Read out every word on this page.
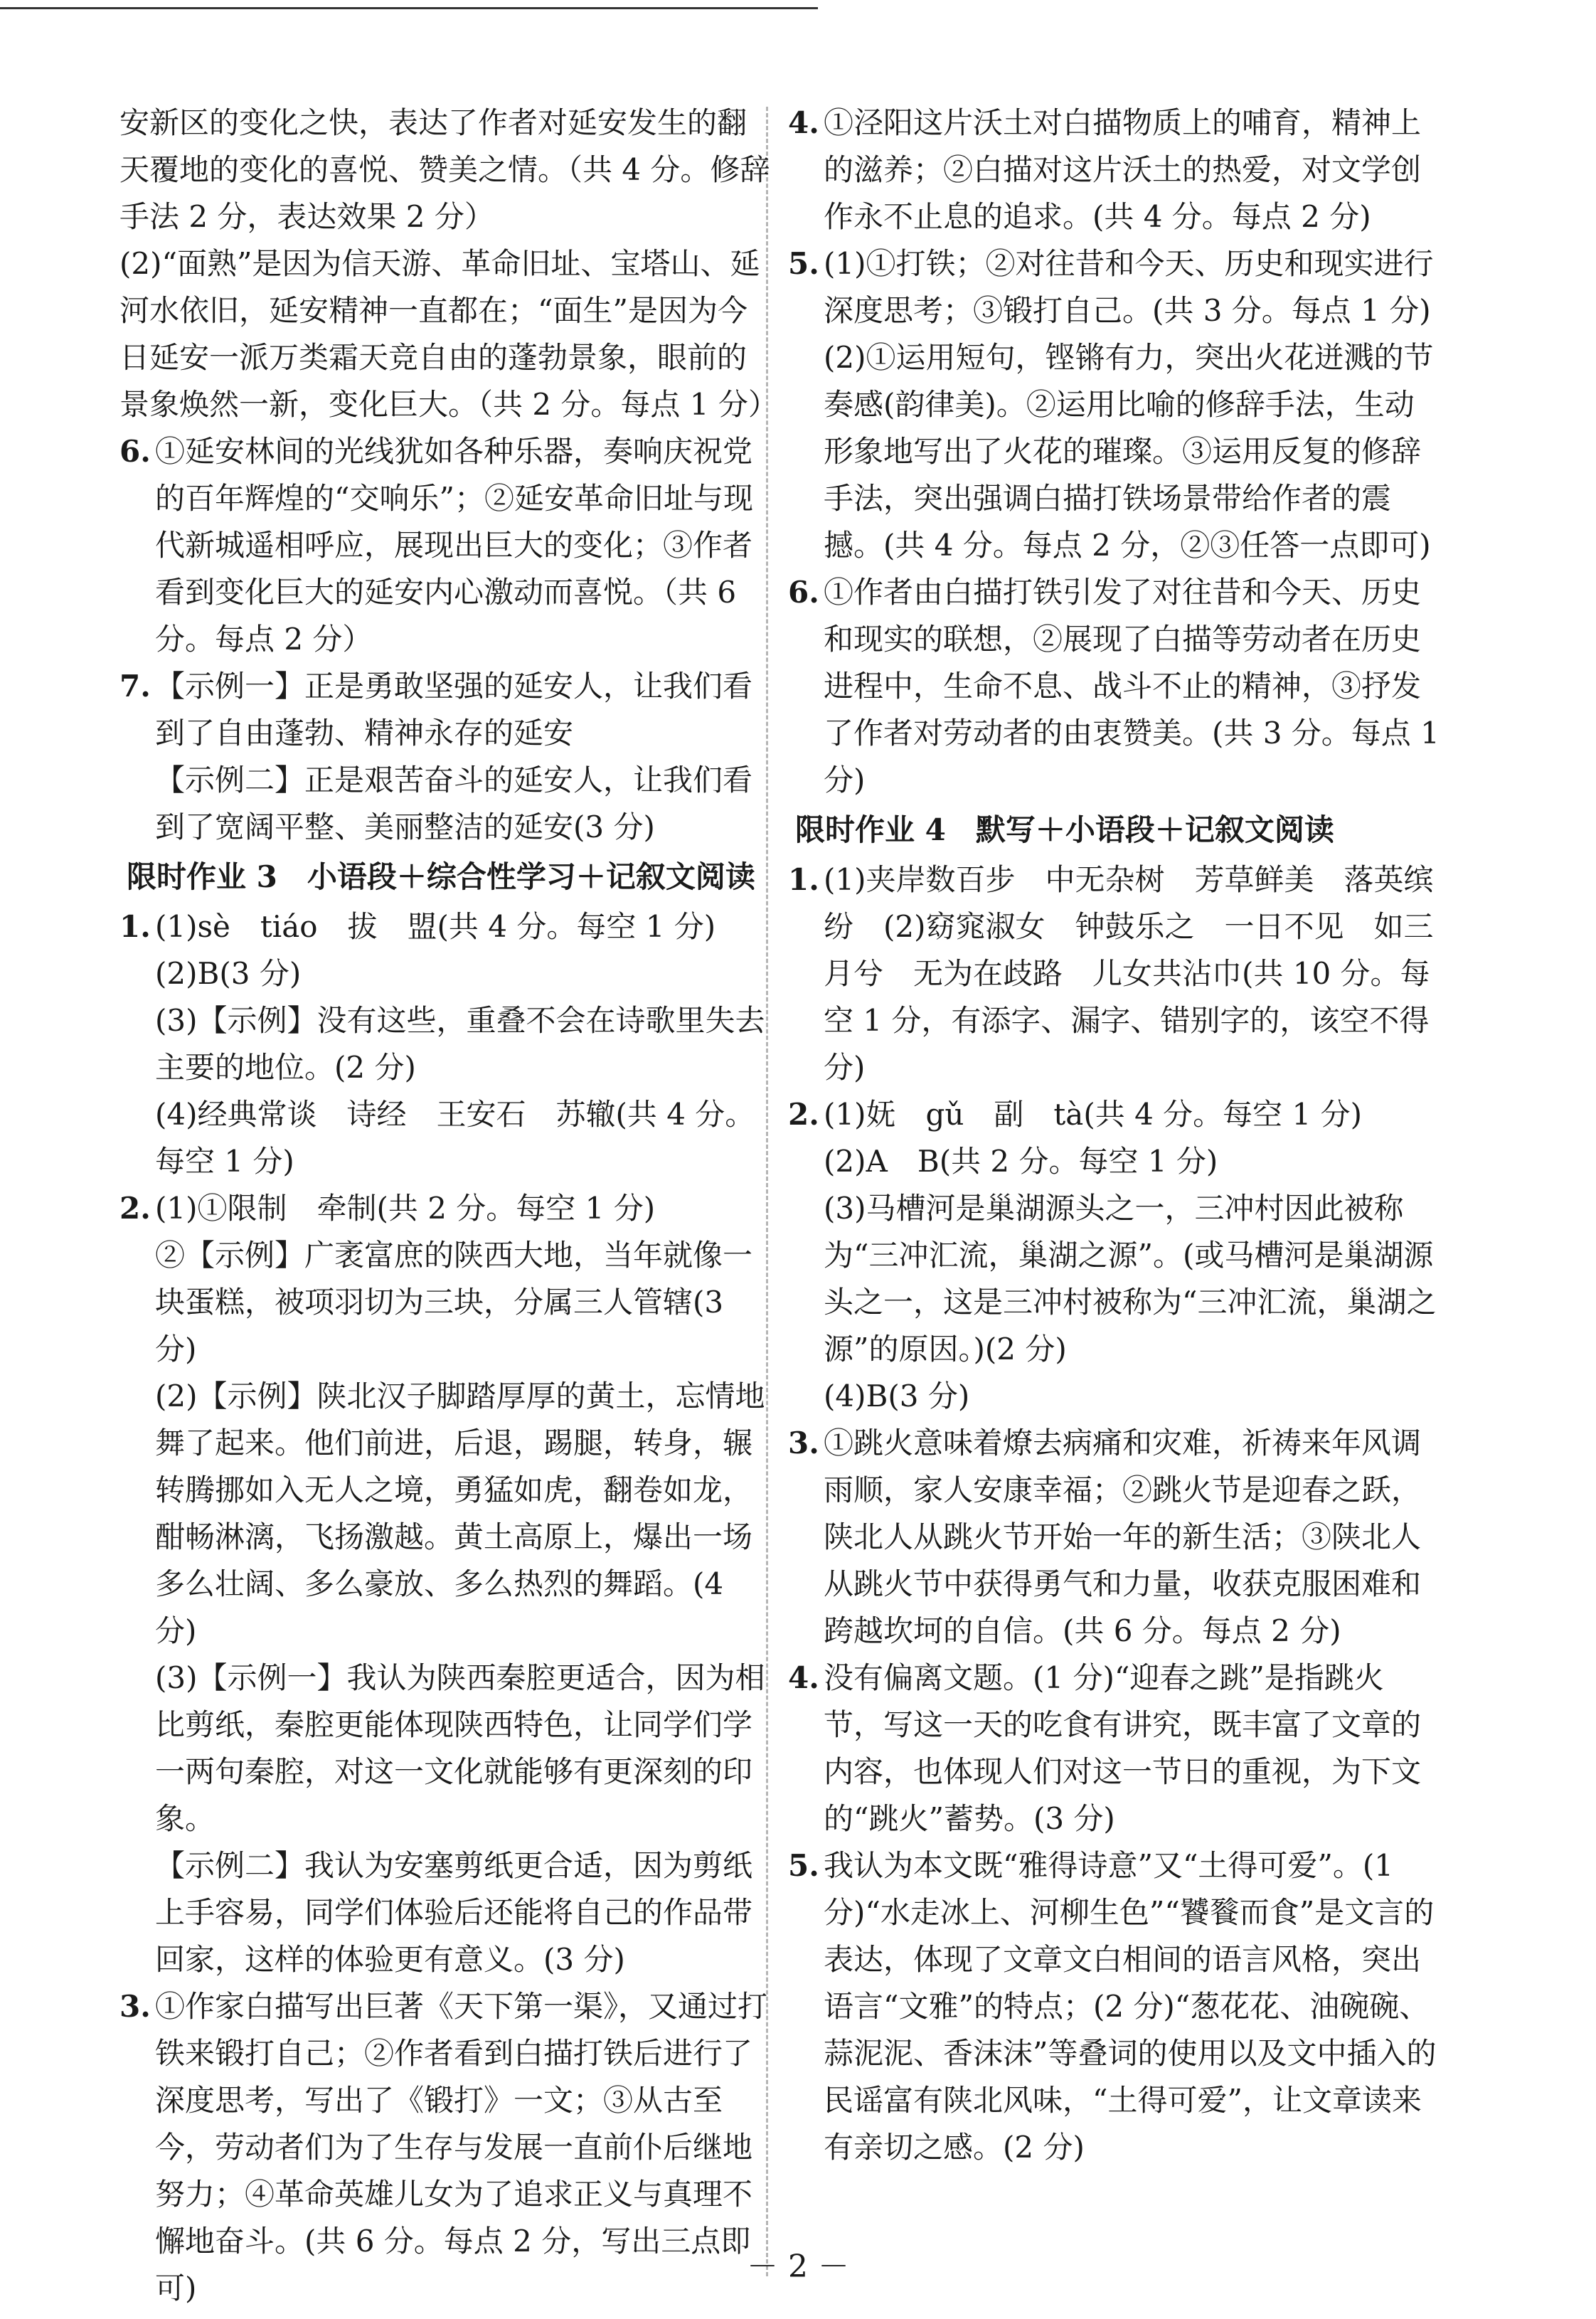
安新区的变化之快，表达了作者对延安发生的翻天覆地的变化的喜悦、赞美之情。（共 4 分。修辞手法 2 分，表达效果 2 分）

(2)“面熟”是因为信天游、革命旧址、宝塔山、延河水依旧，延安精神一直都在；“面生”是因为今日延安一派万类霜天竞自由的蓬勃景象，眼前的景象焕然一新，变化巨大。（共 2 分。每点 1 分）

6. ①延安林间的光线犹如各种乐器，奏响庆祝党的百年辉煌的“交响乐”；②延安革命旧址与现代新城遥相呼应，展现出巨大的变化；③作者看到变化巨大的延安内心激动而喜悦。（共 6 分。每点 2 分）

7. 【示例一】正是勇敢坚强的延安人，让我们看到了自由蓬勃、精神永存的延安

【示例二】正是艰苦奋斗的延安人，让我们看到了宽阔平整、美丽整洁的延安(3 分)

限时作业 3　小语段＋综合性学习＋记叙文阅读
1. (1)sè　tiáo　拔　盟(共 4 分。每空 1 分)

(2)B(3 分)

(3)【示例】没有这些，重叠不会在诗歌里失去主要的地位。(2 分)

(4)经典常谈　诗经　王安石　苏辙(共 4 分。每空 1 分)

2. (1)①限制　牵制(共 2 分。每空 1 分)

②【示例】广袤富庶的陕西大地，当年就像一块蛋糕，被项羽切为三块，分属三人管辖(3 分)

(2)【示例】陕北汉子脚踏厚厚的黄土，忘情地舞了起来。他们前进，后退，踢腿，转身，辗转腾挪如入无人之境，勇猛如虎，翻卷如龙，酣畅淋漓，飞扬激越。黄土高原上，爆出一场多么壮阔、多么豪放、多么热烈的舞蹈。(4 分)

(3)【示例一】我认为陕西秦腔更适合，因为相比剪纸，秦腔更能体现陕西特色，让同学们学一两句秦腔，对这一文化就能够有更深刻的印象。

【示例二】我认为安塞剪纸更合适，因为剪纸上手容易，同学们体验后还能将自己的作品带回家，这样的体验更有意义。(3 分)

3. ①作家白描写出巨著《天下第一渠》，又通过打铁来锻打自己；②作者看到白描打铁后进行了深度思考，写出了《锻打》一文；③从古至今，劳动者们为了生存与发展一直前仆后继地努力；④革命英雄儿女为了追求正义与真理不懈地奋斗。(共 6 分。每点 2 分，写出三点即可)

4. ①泾阳这片沃土对白描物质上的哺育，精神上的滋养；②白描对这片沃土的热爱，对文学创作永不止息的追求。(共 4 分。每点 2 分)

5. (1)①打铁；②对往昔和今天、历史和现实进行深度思考；③锻打自己。(共 3 分。每点 1 分)

(2)①运用短句，铿锵有力，突出火花迸溅的节奏感(韵律美)。②运用比喻的修辞手法，生动形象地写出了火花的璀璨。③运用反复的修辞手法，突出强调白描打铁场景带给作者的震撼。(共 4 分。每点 2 分，②③任答一点即可)

6. ①作者由白描打铁引发了对往昔和今天、历史和现实的联想，②展现了白描等劳动者在历史进程中，生命不息、战斗不止的精神，③抒发了作者对劳动者的由衷赞美。(共 3 分。每点 1 分)

限时作业 4　默写＋小语段＋记叙文阅读
1. (1)夹岸数百步　中无杂树　芳草鲜美　落英缤纷　(2)窈窕淑女　钟鼓乐之　一日不见　如三月兮　无为在歧路　儿女共沾巾(共 10 分。每空 1 分，有添字、漏字、错别字的，该空不得分)

2. (1)妩　gǔ　副　tà(共 4 分。每空 1 分)

(2)A　B(共 2 分。每空 1 分)

(3)马槽河是巢湖源头之一，三冲村因此被称为“三冲汇流，巢湖之源”。(或马槽河是巢湖源头之一，这是三冲村被称为“三冲汇流，巢湖之源”的原因。)(2 分)

(4)B(3 分)

3. ①跳火意味着燎去病痛和灾难，祈祷来年风调雨顺，家人安康幸福；②跳火节是迎春之跃，陕北人从跳火节开始一年的新生活；③陕北人从跳火节中获得勇气和力量，收获克服困难和跨越坎坷的自信。(共 6 分。每点 2 分)

4. 没有偏离文题。(1 分)“迎春之跳”是指跳火节，写这一天的吃食有讲究，既丰富了文章的内容，也体现人们对这一节日的重视，为下文的“跳火”蓄势。(3 分)

5. 我认为本文既“雅得诗意”又“土得可爱”。(1 分)“水走冰上、河柳生色”“饕餮而食”是文言的表达，体现了文章文白相间的语言风格，突出语言“文雅”的特点；(2 分)“葱花花、油碗碗、蒜泥泥、香沫沫”等叠词的使用以及文中插入的民谣富有陕北风味，“土得可爱”，让文章读来有亲切之感。(2 分)

－ 2 －
